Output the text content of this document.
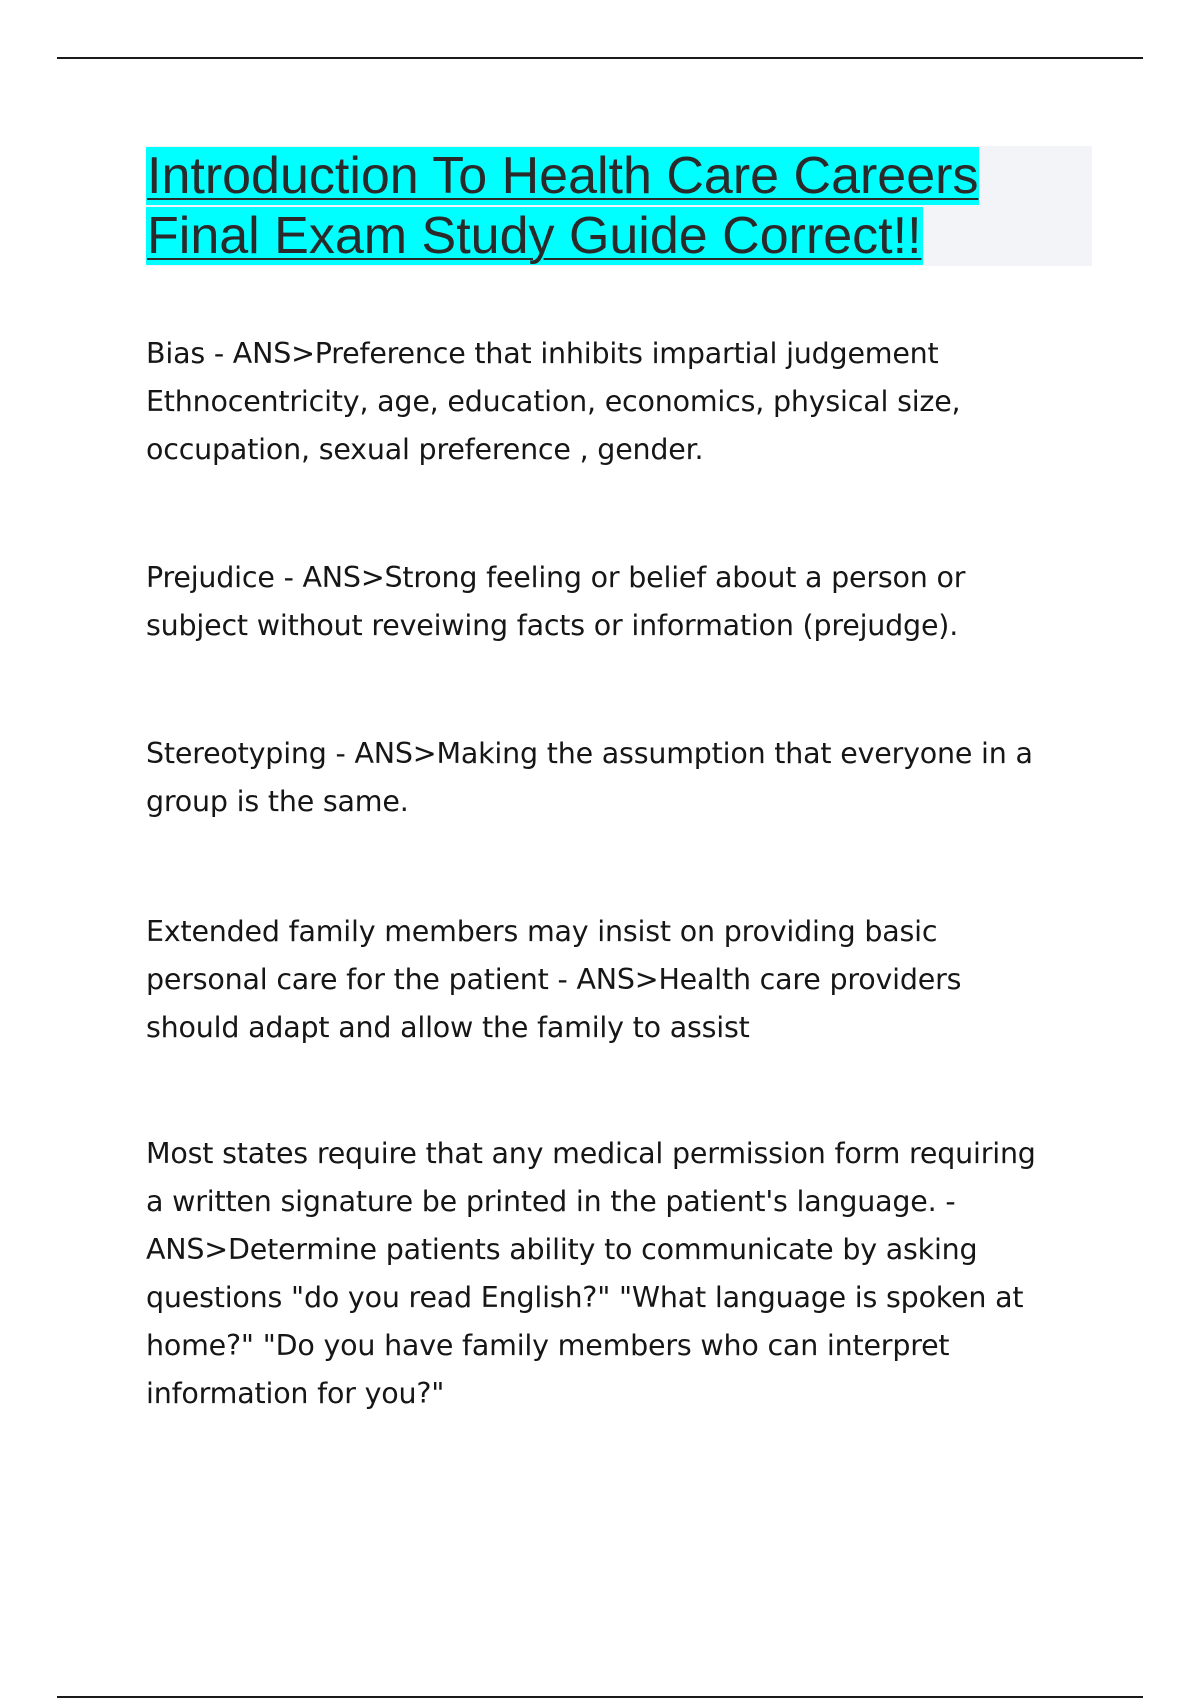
Introduction To Health Care Careers
Final Exam Study Guide Correct!!

Bias - ANS>Preference that inhibits impartial judgement
Ethnocentricity, age, education, economics, physical size,
occupation, sexual preference , gender.

Prejudice - ANS>Strong feeling or belief about a person or
subject without reveiwing facts or information (prejudge).

Stereotyping - ANS>Making the assumption that everyone in a
group is the same.

Extended family members may insist on providing basic
personal care for the patient - ANS>Health care providers
should adapt and allow the family to assist

Most states require that any medical permission form requiring
a written signature be printed in the patient's language. -
ANS>Determine patients ability to communicate by asking
questions "do you read English?" "What language is spoken at
home?" "Do you have family members who can interpret
information for you?"
